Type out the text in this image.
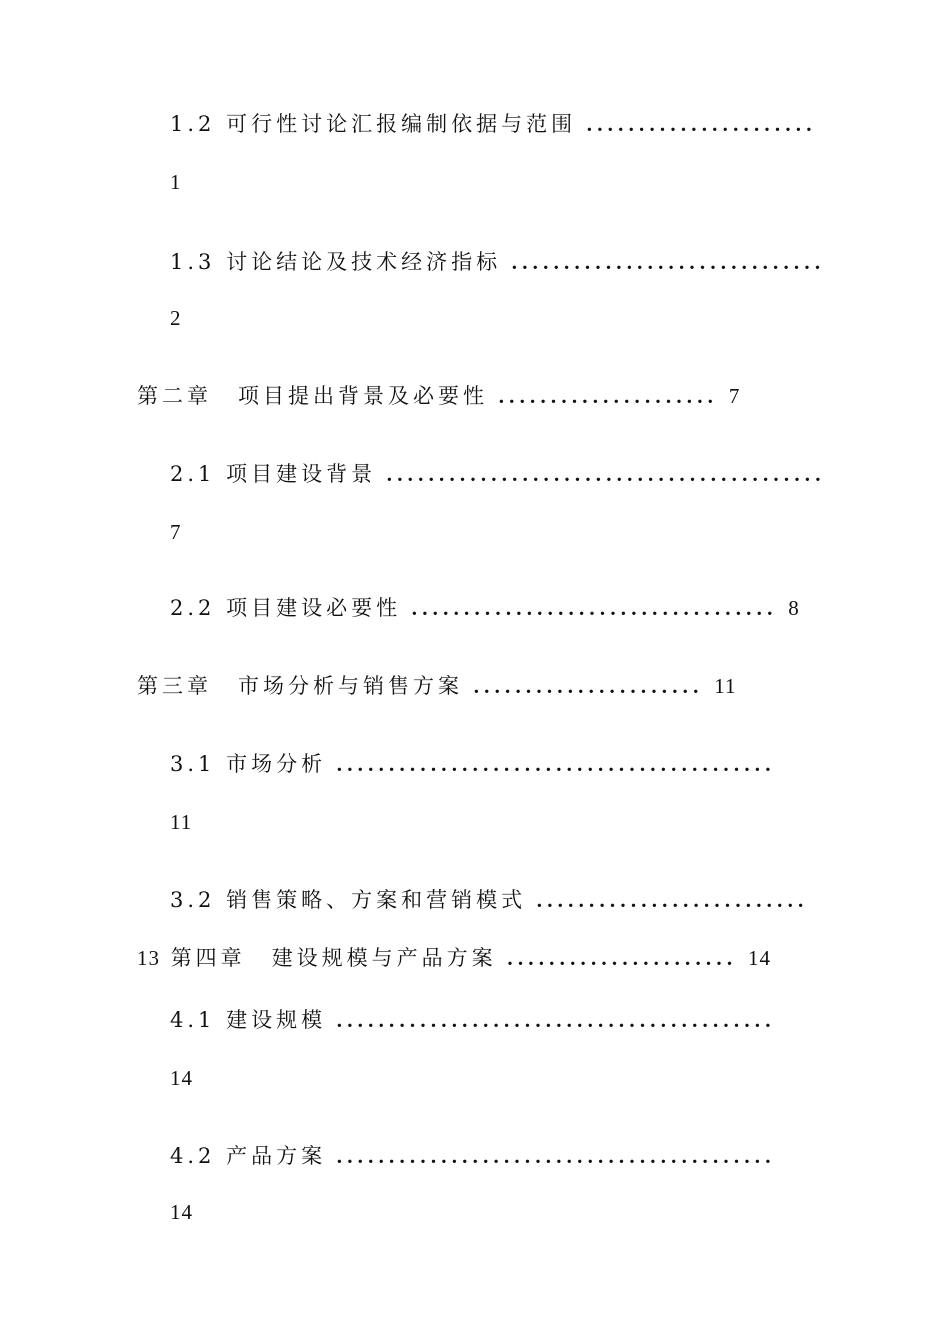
1.2 可行性讨论汇报编制依据与范围 ......................
1
1.3 讨论结论及技术经济指标 ..............................
2
第二章 项目提出背景及必要性 ..................... 7
2.1 项目建设背景 ..........................................
7
2.2 项目建设必要性 ................................... 8
第三章 市场分析与销售方案 ...................... 11
3.1 市场分析 ..........................................
11
3.2 销售策略、方案和营销模式 ..........................
13 第四章 建设规模与产品方案 ...................... 14
4.1 建设规模 ..........................................
14
4.2 产品方案 ..........................................
14
